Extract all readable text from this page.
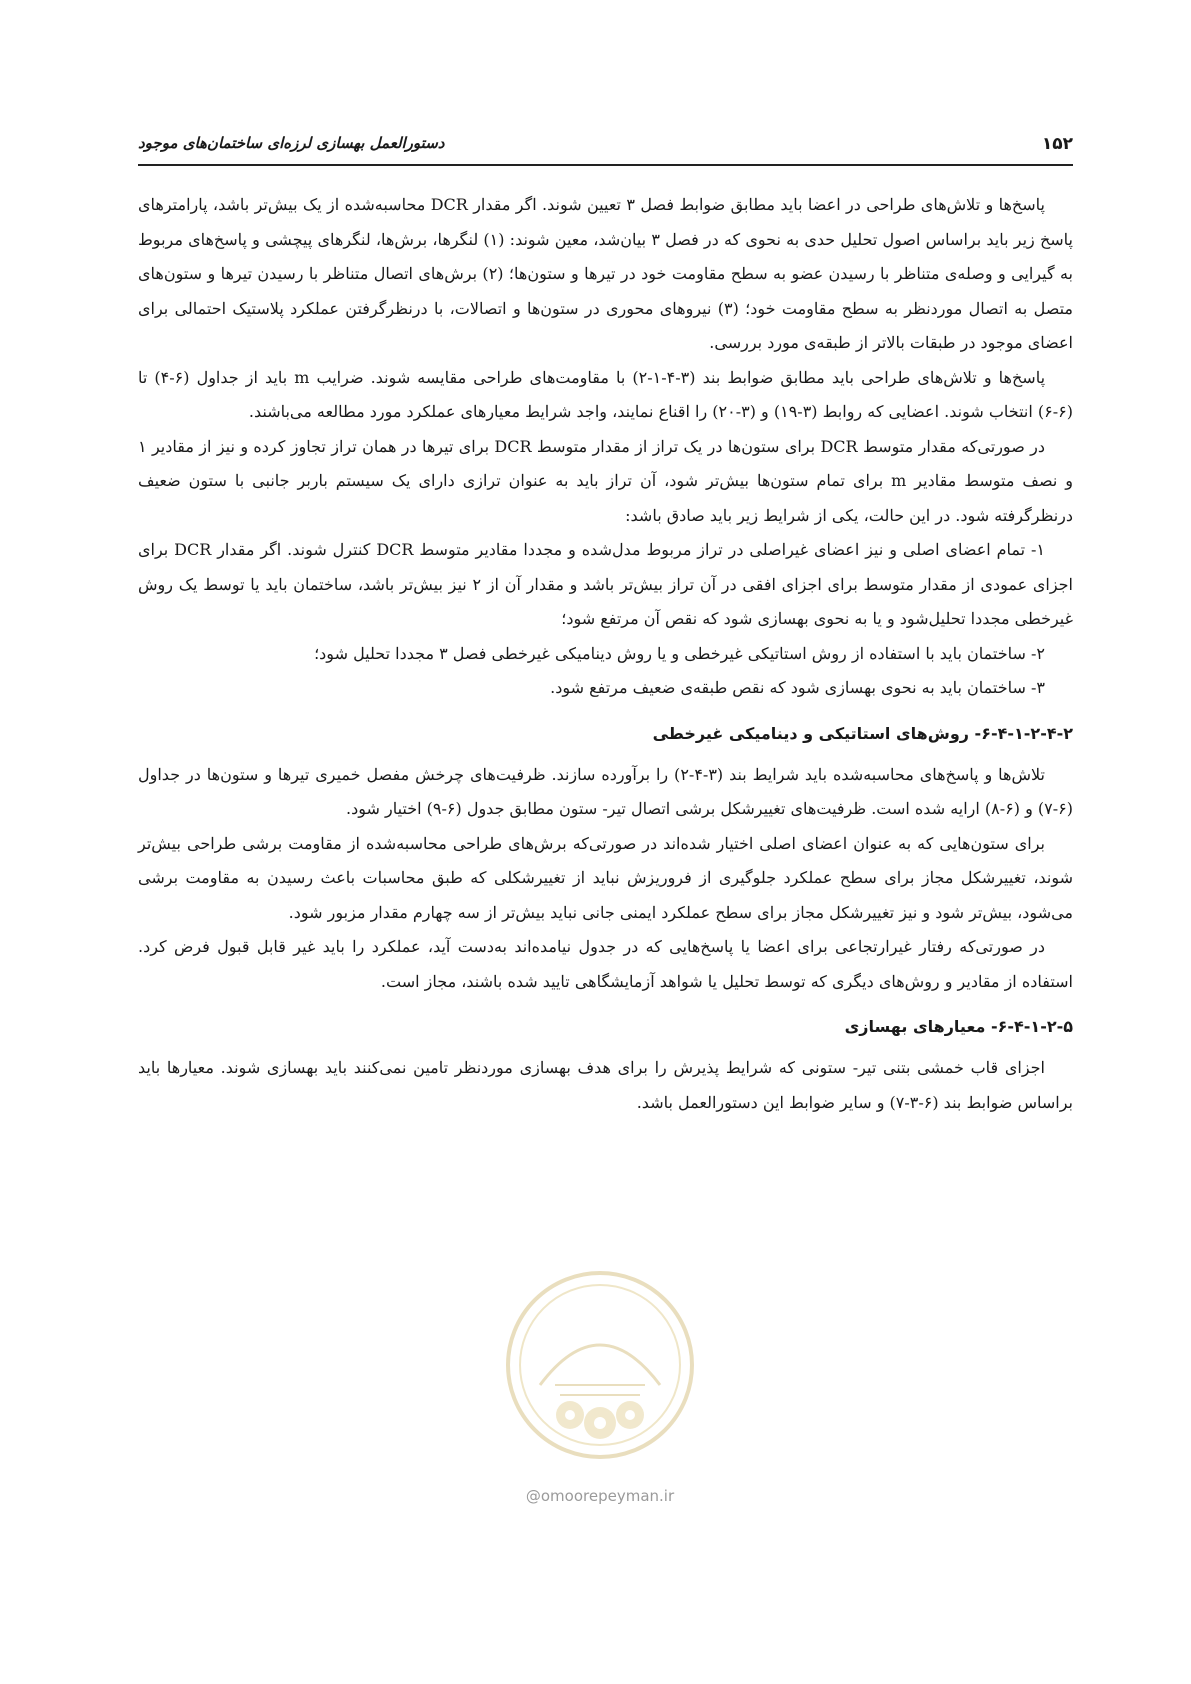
۱۵۲
دستورالعمل بهسازی لرزه‌ای ساختمان‌های موجود

پاسخ‌ها و تلاش‌های طراحی در اعضا باید مطابق ضوابط فصل ۳ تعیین شوند. اگر مقدار DCR محاسبه‌شده از یک بیش‌تر باشد، پارامترهای پاسخ زیر باید براساس اصول تحلیل حدی به نحوی که در فصل ۳ بیان‌شد، معین شوند: (۱) لنگرها، برش‌ها، لنگرهای پیچشی و پاسخ‌های مربوط به گیرایی و وصله‌ی متناظر با رسیدن عضو به سطح مقاومت خود در تیرها و ستون‌ها؛ (۲) برش‌های اتصال متناظر با رسیدن تیرها و ستون‌های متصل به اتصال موردنظر به سطح مقاومت خود؛ (۳) نیروهای محوری در ستون‌ها و اتصالات، با درنظرگرفتن عملکرد پلاستیک احتمالی برای اعضای موجود در طبقات بالاتر از طبقه‌ی مورد بررسی.

پاسخ‌ها و تلاش‌های طراحی باید مطابق ضوابط بند (۳-۴-۱-۲) با مقاومت‌های طراحی مقایسه شوند. ضرایب m باید از جداول (۶-۴) تا (۶-۶) انتخاب شوند. اعضایی که روابط (۳-۱۹) و (۳-۲۰) را اقناع نمایند، واجد شرایط معیارهای عملکرد مورد مطالعه می‌باشند.

در صورتی‌که مقدار متوسط DCR برای ستون‌ها در یک تراز از مقدار متوسط DCR برای تیرها در همان تراز تجاوز کرده و نیز از مقادیر ۱ و نصف متوسط مقادیر m برای تمام ستون‌ها بیش‌تر شود، آن تراز باید به عنوان ترازی دارای یک سیستم باربر جانبی با ستون ضعیف درنظرگرفته شود. در این حالت، یکی از شرایط زیر باید صادق باشد:

۱- تمام اعضای اصلی و نیز اعضای غیراصلی در تراز مربوط مدل‌شده و مجددا مقادیر متوسط DCR کنترل شوند. اگر مقدار DCR برای اجزای عمودی از مقدار متوسط برای اجزای افقی در آن تراز بیش‌تر باشد و مقدار آن از ۲ نیز بیش‌تر باشد، ساختمان باید یا توسط یک روش غیرخطی مجددا تحلیل‌شود و یا به نحوی بهسازی شود که نقص آن مرتفع شود؛

۲- ساختمان باید با استفاده از روش استاتیکی غیرخطی و یا روش دینامیکی غیرخطی فصل ۳ مجددا تحلیل شود؛

۳- ساختمان باید به نحوی بهسازی شود که نقص طبقه‌ی ضعیف مرتفع شود.

۶-۴-۱-۲-۴-۲- روش‌های استاتیکی و دینامیکی غیرخطی

تلاش‌ها و پاسخ‌های محاسبه‌شده باید شرایط بند (۳-۴-۲) را برآورده سازند. ظرفیت‌های چرخش مفصل خمیری تیرها و ستون‌ها در جداول (۶-۷) و (۶-۸) ارایه شده است. ظرفیت‌های تغییرشکل برشی اتصال تیر- ستون مطابق جدول (۶-۹) اختیار شود.

برای ستون‌هایی که به عنوان اعضای اصلی اختیار شده‌اند در صورتی‌که برش‌های طراحی محاسبه‌شده از مقاومت برشی طراحی بیش‌تر شوند، تغییرشکل مجاز برای سطح عملکرد جلوگیری از فروریزش نباید از تغییرشکلی که طبق محاسبات باعث رسیدن به مقاومت برشی می‌شود، بیش‌تر شود و نیز تغییرشکل مجاز برای سطح عملکرد ایمنی جانی نباید بیش‌تر از سه چهارم مقدار مزبور شود.

در صورتی‌که رفتار غیرارتجاعی برای اعضا یا پاسخ‌هایی که در جدول نیامده‌اند به‌دست آید، عملکرد را باید غیر قابل قبول فرض کرد. استفاده از مقادیر و روش‌های دیگری که توسط تحلیل یا شواهد آزمایشگاهی تایید شده باشند، مجاز است.

۶-۴-۱-۲-۵- معیارهای بهسازی

اجزای قاب خمشی بتنی تیر- ستونی که شرایط پذیرش را برای هدف بهسازی موردنظر تامین نمی‌کنند باید بهسازی شوند. معیارها باید براساس ضوابط بند (۶-۳-۷) و سایر ضوابط این دستورالعمل باشد.

@omoorepeyman.ir
